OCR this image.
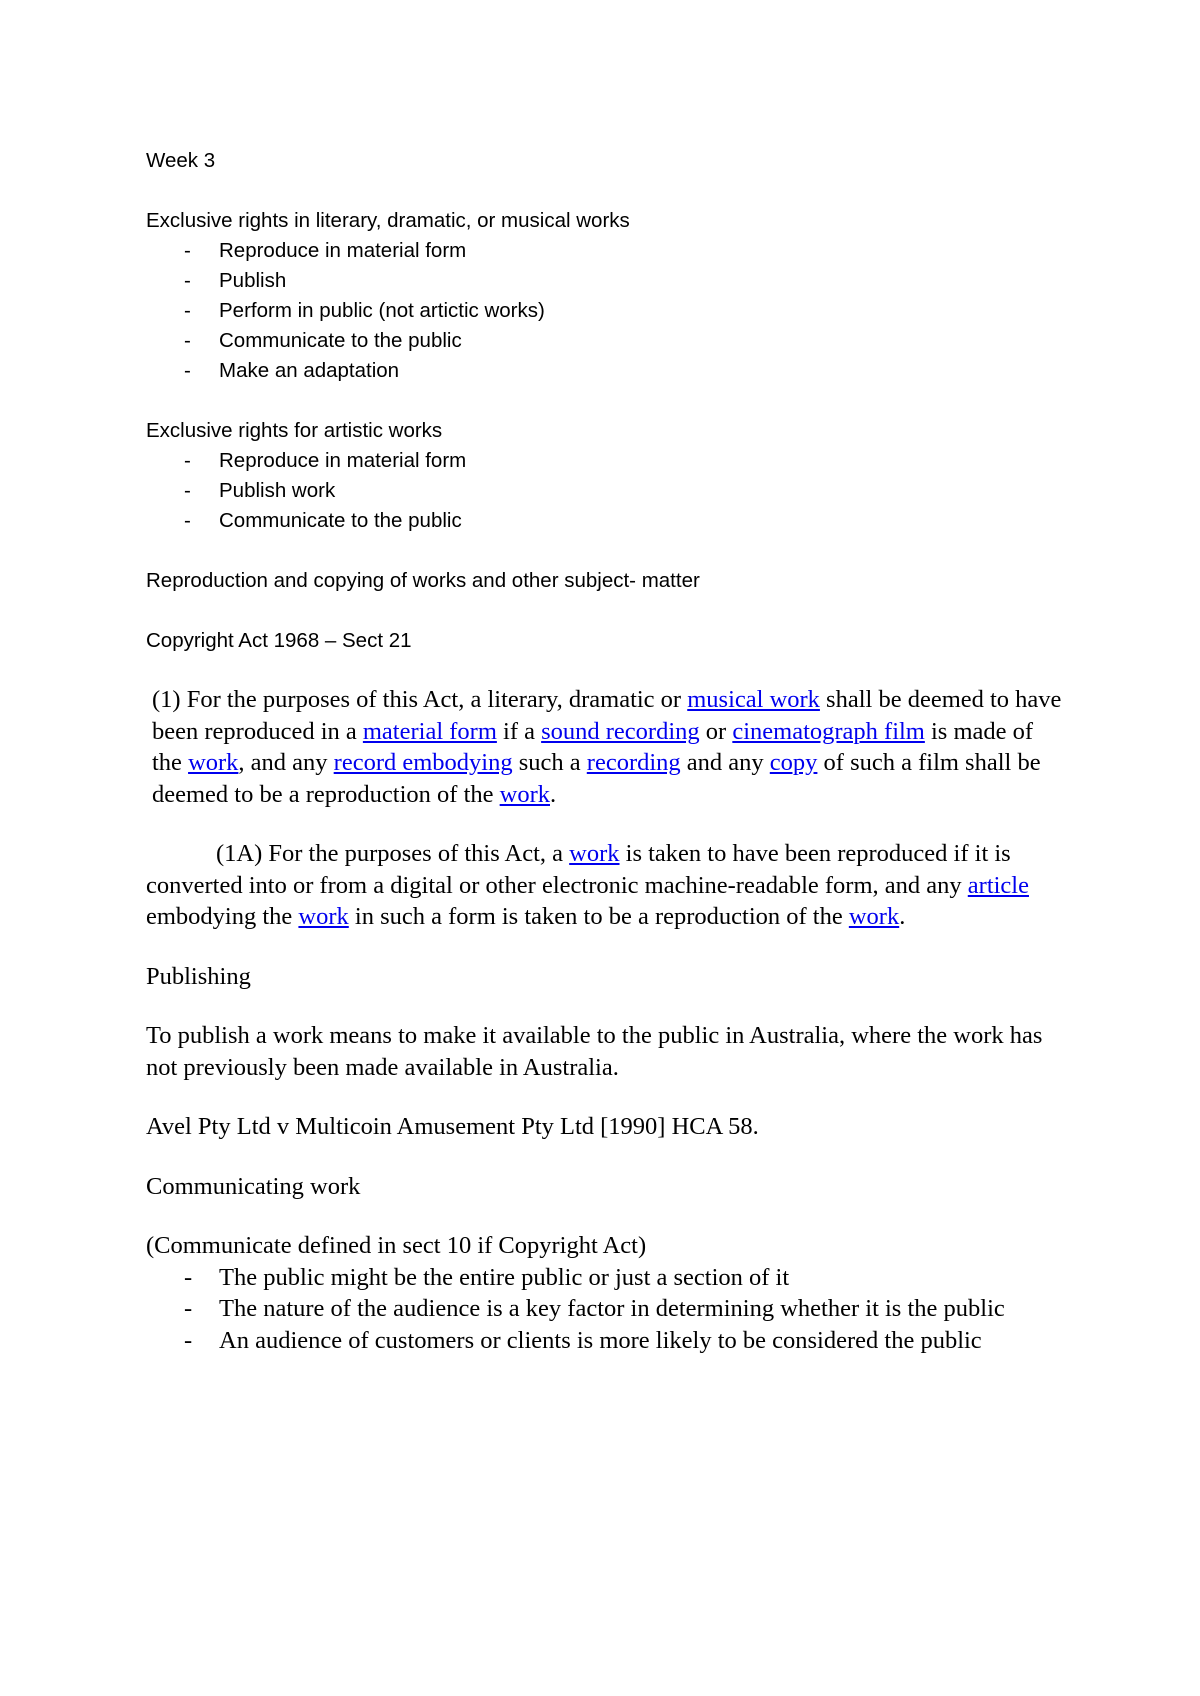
Week 3

Exclusive rights in literary, dramatic, or musical works

- Reproduce in material form
- Publish
- Perform in public (not artictic works)
- Communicate to the public
- Make an adaptation

Exclusive rights for artistic works

- Reproduce in material form
- Publish work
- Communicate to the public

Reproduction and copying of works and other subject- matter

Copyright Act 1968 – Sect 21

(1) For the purposes of this Act, a literary, dramatic or musical work shall be deemed to have been reproduced in a material form if a sound recording or cinematograph film is made of the work, and any record embodying such a recording and any copy of such a film shall be deemed to be a reproduction of the work.

(1A) For the purposes of this Act, a work is taken to have been reproduced if it is converted into or from a digital or other electronic machine-readable form, and any article embodying the work in such a form is taken to be a reproduction of the work.

Publishing

To publish a work means to make it available to the public in Australia, where the work has not previously been made available in Australia.

Avel Pty Ltd v Multicoin Amusement Pty Ltd [1990] HCA 58.

Communicating work

(Communicate defined in sect 10 if Copyright Act)

- The public might be the entire public or just a section of it
- The nature of the audience is a key factor in determining whether it is the public
- An audience of customers or clients is more likely to be considered the public
